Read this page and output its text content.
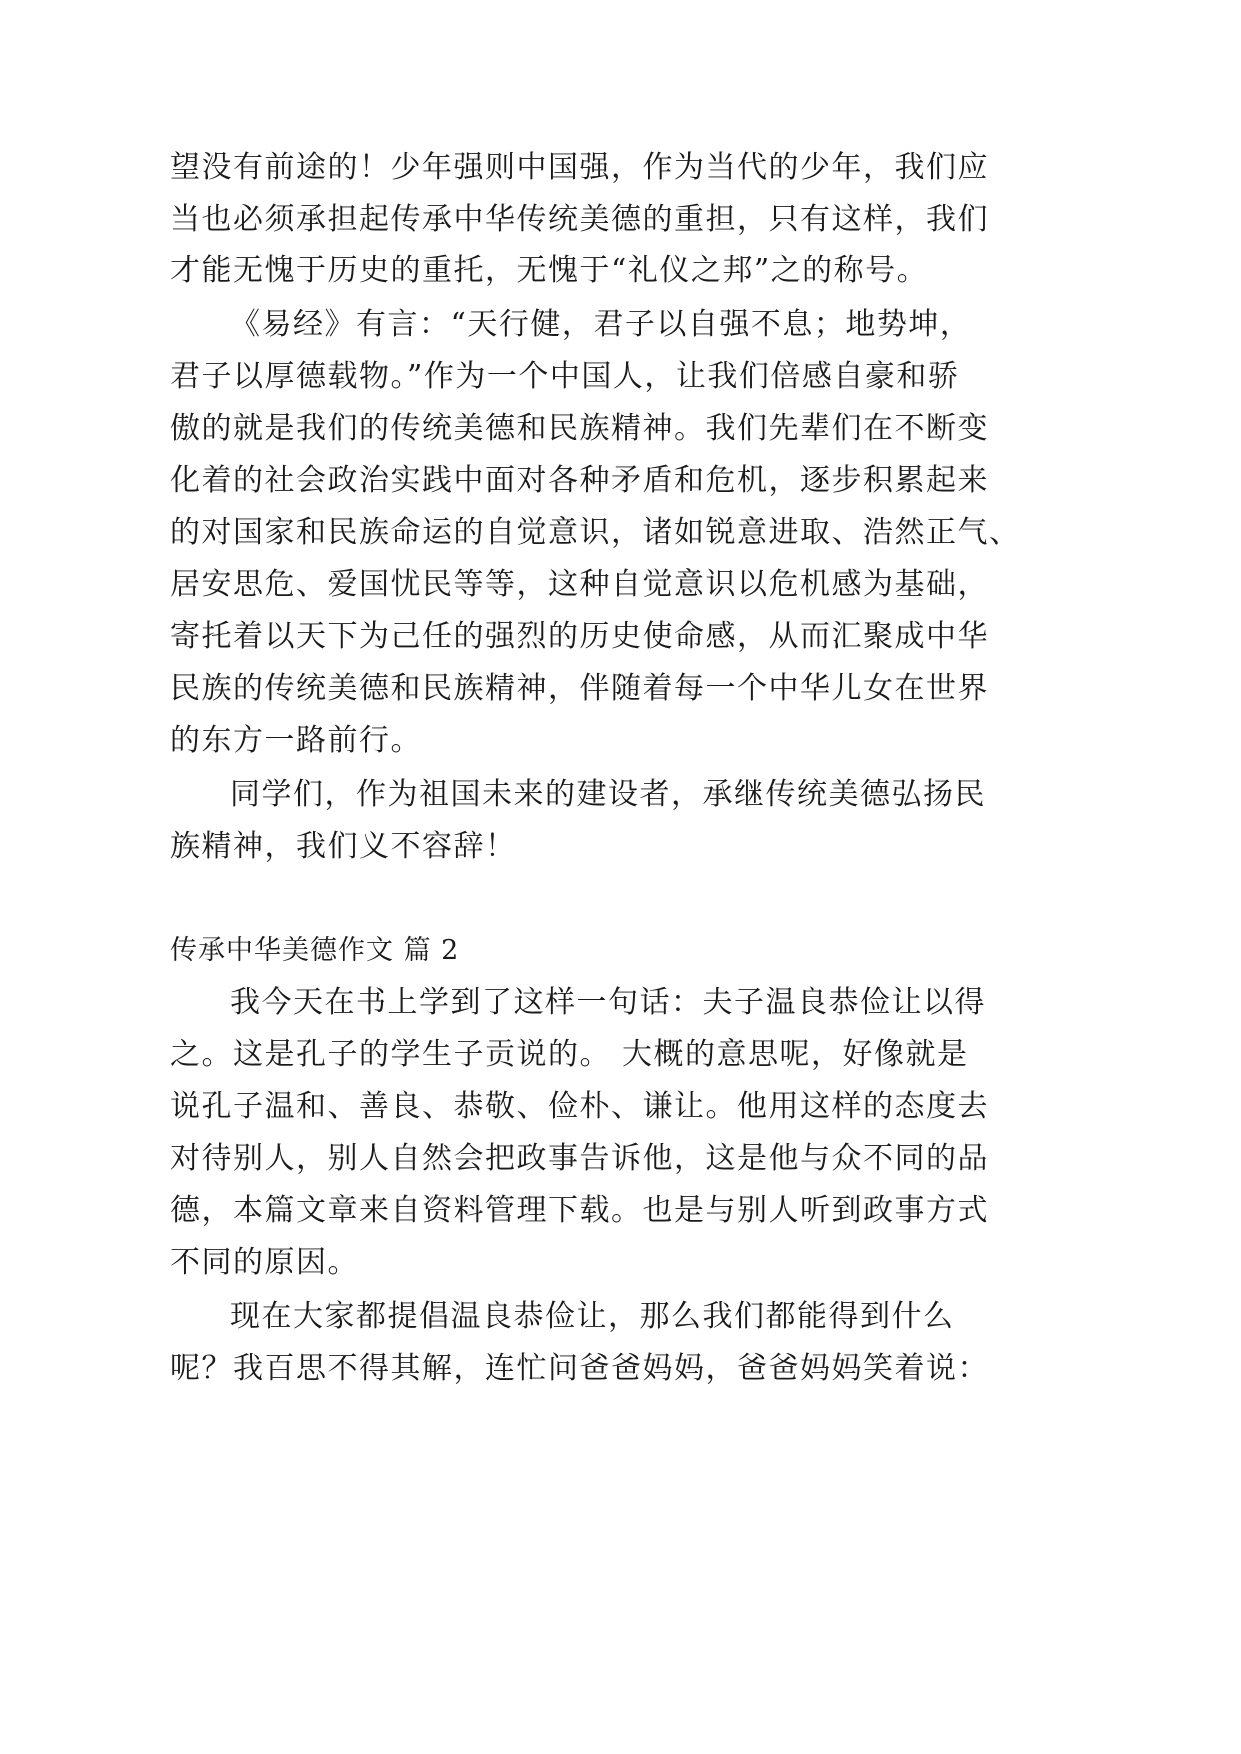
望没有前途的！少年强则中国强，作为当代的少年，我们应
当也必须承担起传承中华传统美德的重担，只有这样，我们
才能无愧于历史的重托，无愧于“礼仪之邦”之的称号。
《易经》有言：“天行健，君子以自强不息；地势坤，
君子以厚德载物。”作为一个中国人，让我们倍感自豪和骄
傲的就是我们的传统美德和民族精神。我们先辈们在不断变
化着的社会政治实践中面对各种矛盾和危机，逐步积累起来
的对国家和民族命运的自觉意识，诸如锐意进取、浩然正气、
居安思危、爱国忧民等等，这种自觉意识以危机感为基础，
寄托着以天下为己任的强烈的历史使命感，从而汇聚成中华
民族的传统美德和民族精神，伴随着每一个中华儿女在世界
的东方一路前行。
同学们，作为祖国未来的建设者，承继传统美德弘扬民
族精神，我们义不容辞！
传承中华美德作文 篇 2
我今天在书上学到了这样一句话：夫子温良恭俭让以得
之。这是孔子的学生子贡说的。 大概的意思呢，好像就是
说孔子温和、善良、恭敬、俭朴、谦让。他用这样的态度去
对待别人，别人自然会把政事告诉他，这是他与众不同的品
德，本篇文章来自资料管理下载。也是与别人听到政事方式
不同的原因。
现在大家都提倡温良恭俭让，那么我们都能得到什么
呢？我百思不得其解，连忙问爸爸妈妈，爸爸妈妈笑着说：
